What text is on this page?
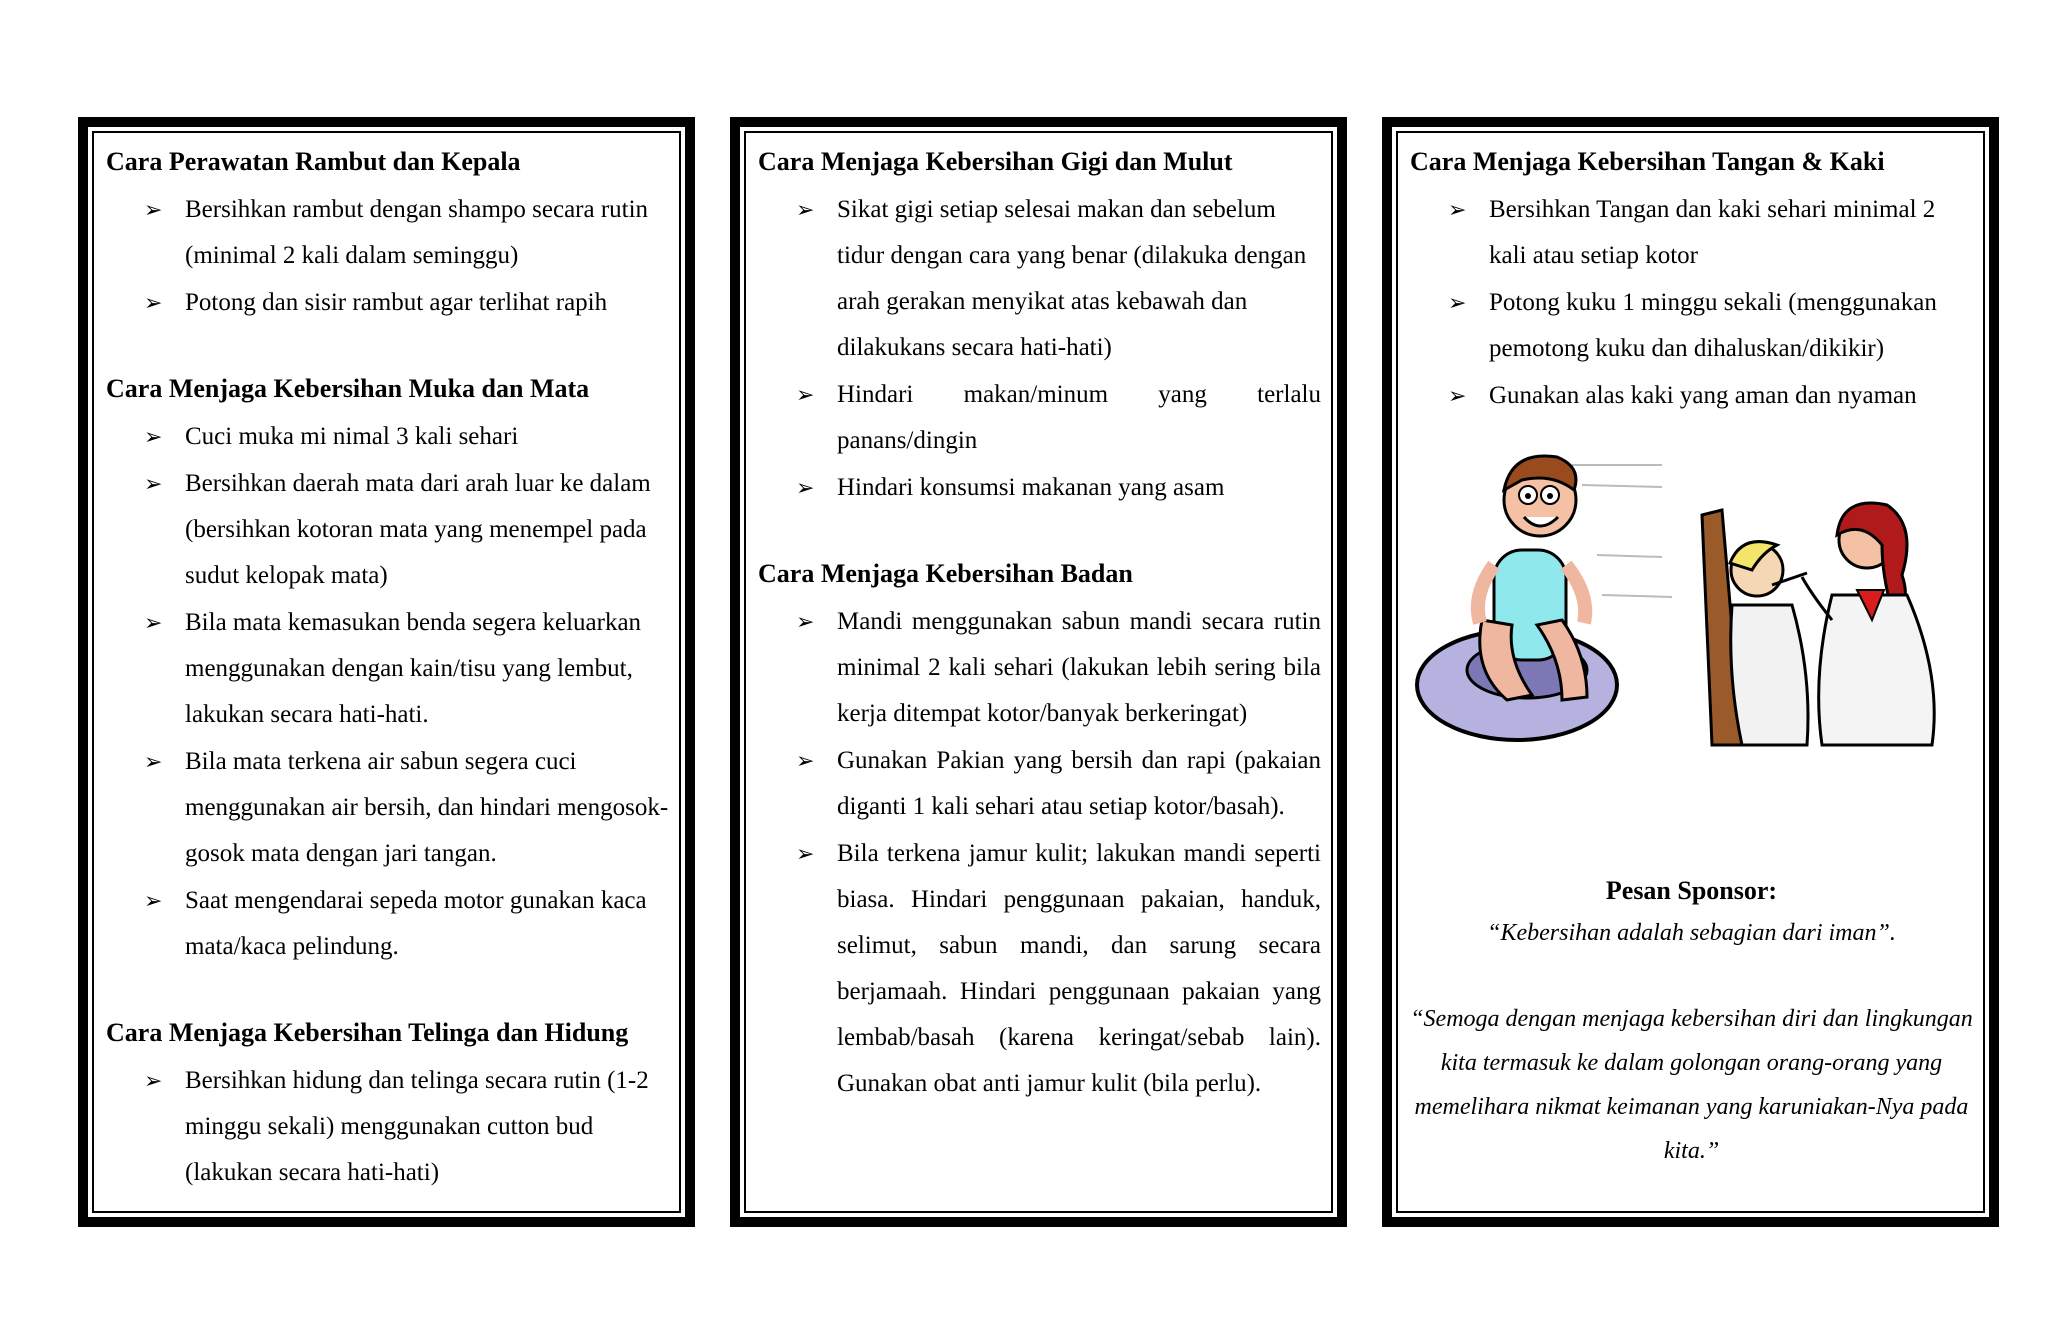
Cara Perawatan Rambut dan Kepala
➢ Bersihkan rambut dengan shampo secara rutin (minimal 2 kali dalam seminggu)
➢ Potong dan sisir rambut agar terlihat rapih
Cara Menjaga Kebersihan Muka dan Mata
➢ Cuci muka mi nimal 3 kali sehari
➢ Bersihkan daerah mata dari arah luar ke dalam (bersihkan kotoran mata yang menempel pada sudut kelopak mata)
➢ Bila mata kemasukan benda segera keluarkan menggunakan dengan kain/tisu yang lembut, lakukan secara hati-hati.
➢ Bila mata terkena air sabun segera cuci menggunakan air bersih, dan hindari mengosok-gosok mata dengan jari tangan.
➢ Saat mengendarai sepeda motor gunakan kaca mata/kaca pelindung.
Cara Menjaga Kebersihan Telinga dan Hidung
➢ Bersihkan hidung dan telinga secara rutin (1-2 minggu sekali) menggunakan cutton bud (lakukan secara hati-hati)
Cara Menjaga Kebersihan Gigi dan Mulut
➢ Sikat gigi setiap selesai makan dan sebelum tidur dengan cara yang benar (dilakuka dengan arah gerakan menyikat atas kebawah dan dilakukans secara hati-hati)
➢ Hindari makan/minum yang terlalu panans/dingin
➢ Hindari konsumsi makanan yang asam
Cara Menjaga Kebersihan Badan
➢ Mandi menggunakan sabun mandi secara rutin minimal 2 kali sehari (lakukan lebih sering bila kerja ditempat kotor/banyak berkeringat)
➢ Gunakan Pakian yang bersih dan rapi (pakaian diganti 1 kali sehari atau setiap kotor/basah).
➢ Bila terkena jamur kulit; lakukan mandi seperti biasa. Hindari penggunaan pakaian, handuk, selimut, sabun mandi, dan sarung secara berjamaah. Hindari penggunaan pakaian yang lembab/basah (karena keringat/sebab lain). Gunakan obat anti jamur kulit (bila perlu).
Cara Menjaga Kebersihan Tangan & Kaki
➢ Bersihkan Tangan dan kaki sehari minimal 2 kali atau setiap kotor
➢ Potong kuku 1 minggu sekali (menggunakan pemotong kuku dan dihaluskan/dikikir)
➢ Gunakan alas kaki yang aman dan nyaman
Pesan Sponsor:
“Kebersihan adalah sebagian dari iman”.
“Semoga dengan menjaga kebersihan diri dan lingkungan kita termasuk ke dalam golongan orang-orang yang memelihara nikmat keimanan yang karuniakan-Nya pada kita.”
